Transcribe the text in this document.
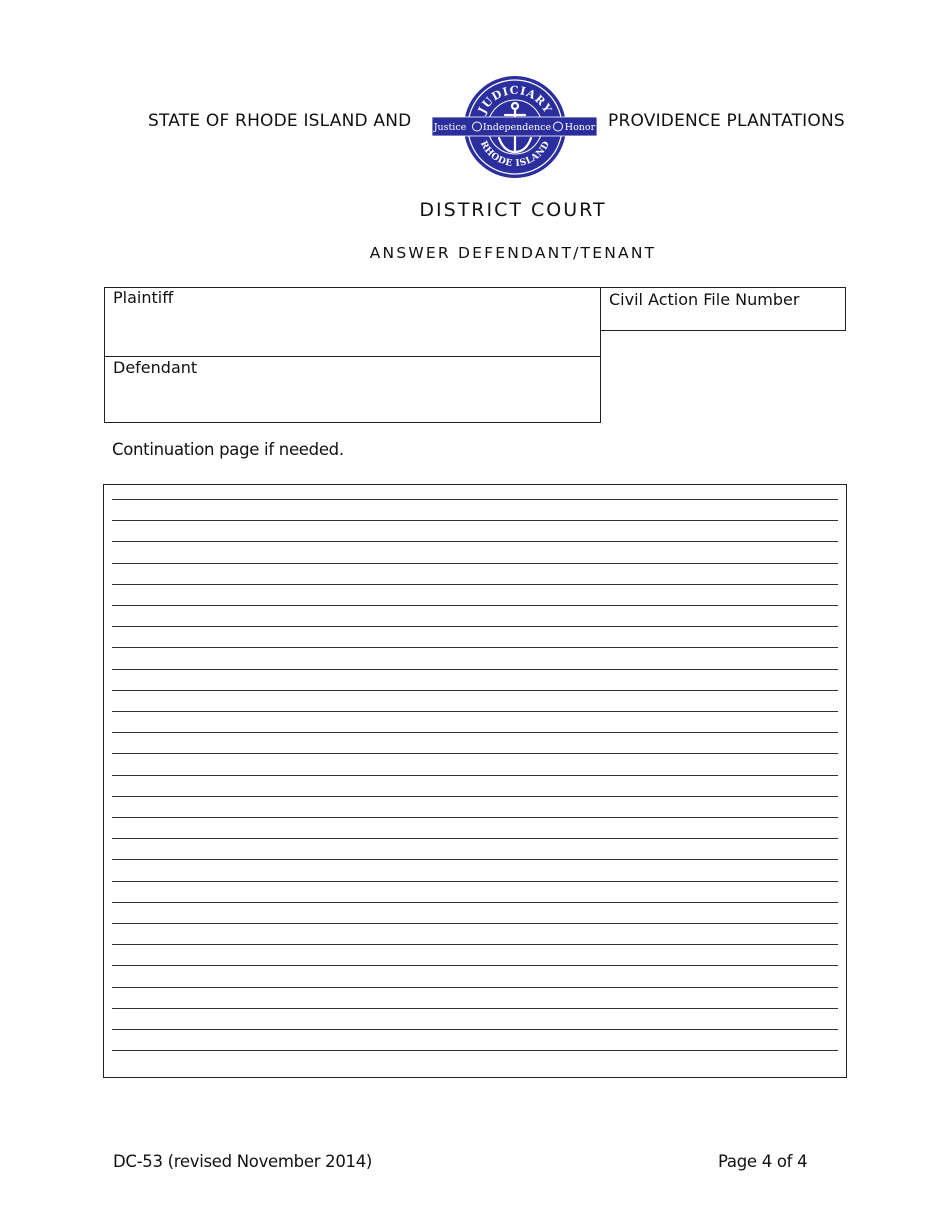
STATE OF RHODE ISLAND AND
JUDICIARY
RHODE ISLAND
Justice Independence Honor PROVIDENCE PLANTATIONS
DISTRICT COURT
ANSWER DEFENDANT/TENANT
Plaintiff
Defendant
Civil Action File Number
Continuation page if needed.
DC-53 (revised November 2014)	Page 4 of 4
